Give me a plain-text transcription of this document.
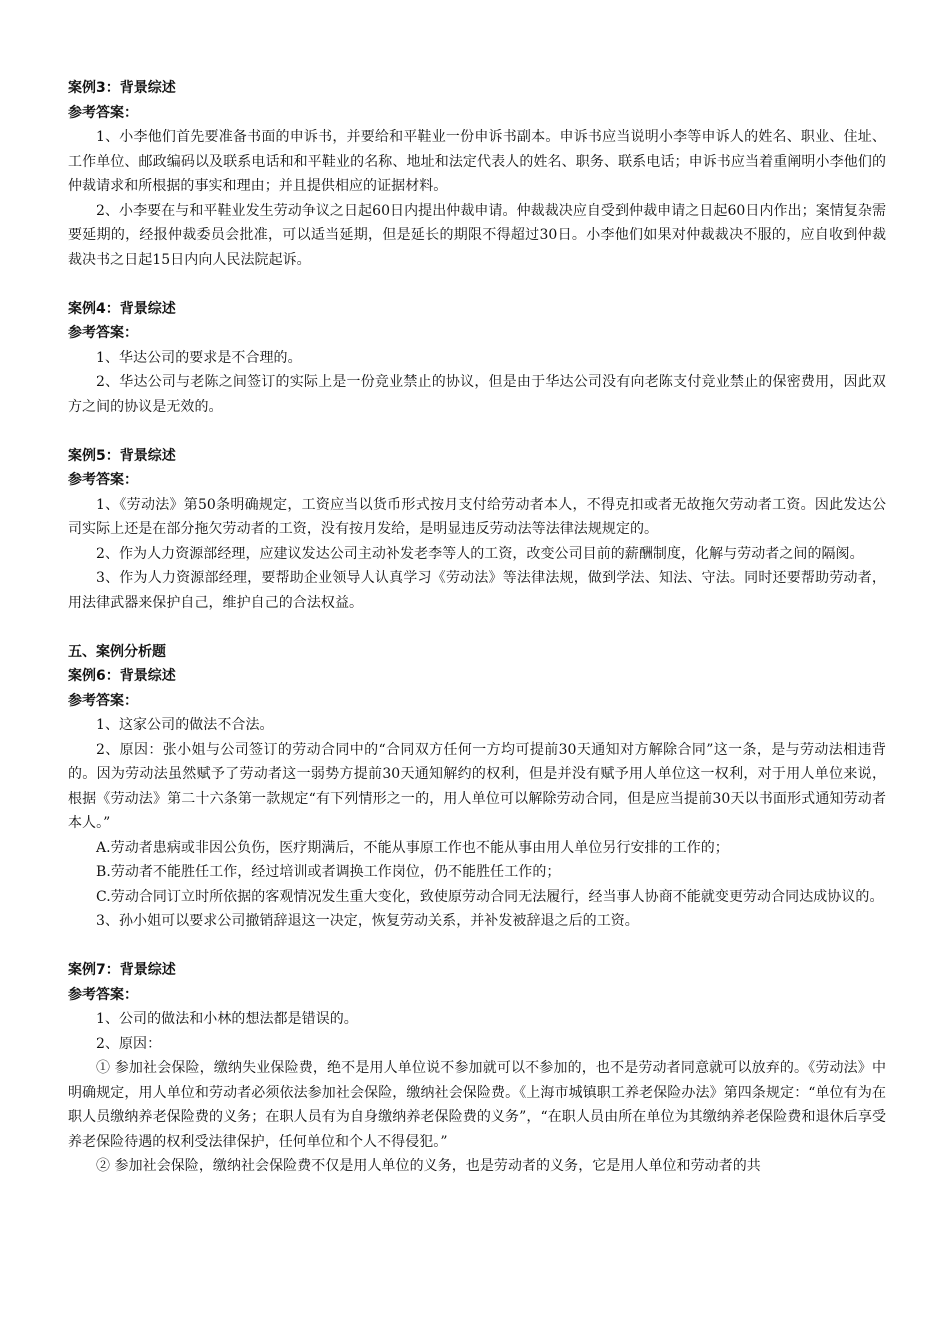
案例3：背景综述
参考答案：

1、小李他们首先要准备书面的申诉书，并要给和平鞋业一份申诉书副本。申诉书应当说明小李等申诉人的姓名、职业、住址、工作单位、邮政编码以及联系电话和和平鞋业的名称、地址和法定代表人的姓名、职务、联系电话；申诉书应当着重阐明小李他们的仲裁请求和所根据的事实和理由；并且提供相应的证据材料。

2、小李要在与和平鞋业发生劳动争议之日起60日内提出仲裁申请。仲裁裁决应自受到仲裁申请之日起60日内作出；案情复杂需要延期的，经报仲裁委员会批准，可以适当延期，但是延长的期限不得超过30日。小李他们如果对仲裁裁决不服的，应自收到仲裁裁决书之日起15日内向人民法院起诉。

案例4：背景综述
参考答案：

1、华达公司的要求是不合理的。

2、华达公司与老陈之间签订的实际上是一份竞业禁止的协议，但是由于华达公司没有向老陈支付竞业禁止的保密费用，因此双方之间的协议是无效的。

案例5：背景综述
参考答案：

1、《劳动法》第50条明确规定，工资应当以货币形式按月支付给劳动者本人，不得克扣或者无故拖欠劳动者工资。因此发达公司实际上还是在部分拖欠劳动者的工资，没有按月发给，是明显违反劳动法等法律法规规定的。

2、作为人力资源部经理，应建议发达公司主动补发老李等人的工资，改变公司目前的薪酬制度，化解与劳动者之间的隔阂。

3、作为人力资源部经理，要帮助企业领导人认真学习《劳动法》等法律法规，做到学法、知法、守法。同时还要帮助劳动者，用法律武器来保护自己，维护自己的合法权益。

五、案例分析题
案例6：背景综述
参考答案：

1、这家公司的做法不合法。

2、原因：张小姐与公司签订的劳动合同中的“合同双方任何一方均可提前30天通知对方解除合同”这一条，是与劳动法相违背的。因为劳动法虽然赋予了劳动者这一弱势方提前30天通知解约的权利，但是并没有赋予用人单位这一权利，对于用人单位来说，根据《劳动法》第二十六条第一款规定“有下列情形之一的，用人单位可以解除劳动合同，但是应当提前30天以书面形式通知劳动者本人。”

A.劳动者患病或非因公负伤，医疗期满后，不能从事原工作也不能从事由用人单位另行安排的工作的；

B.劳动者不能胜任工作，经过培训或者调换工作岗位，仍不能胜任工作的；

C.劳动合同订立时所依据的客观情况发生重大变化，致使原劳动合同无法履行，经当事人协商不能就变更劳动合同达成协议的。

3、孙小姐可以要求公司撤销辞退这一决定，恢复劳动关系，并补发被辞退之后的工资。

案例7：背景综述
参考答案：

1、公司的做法和小林的想法都是错误的。

2、原因：

① 参加社会保险，缴纳失业保险费，绝不是用人单位说不参加就可以不参加的，也不是劳动者同意就可以放弃的。《劳动法》中明确规定，用人单位和劳动者必须依法参加社会保险，缴纳社会保险费。《上海市城镇职工养老保险办法》第四条规定：“单位有为在职人员缴纳养老保险费的义务；在职人员有为自身缴纳养老保险费的义务”，“在职人员由所在单位为其缴纳养老保险费和退休后享受养老保险待遇的权利受法律保护，任何单位和个人不得侵犯。”

② 参加社会保险，缴纳社会保险费不仅是用人单位的义务，也是劳动者的义务，它是用人单位和劳动者的共
